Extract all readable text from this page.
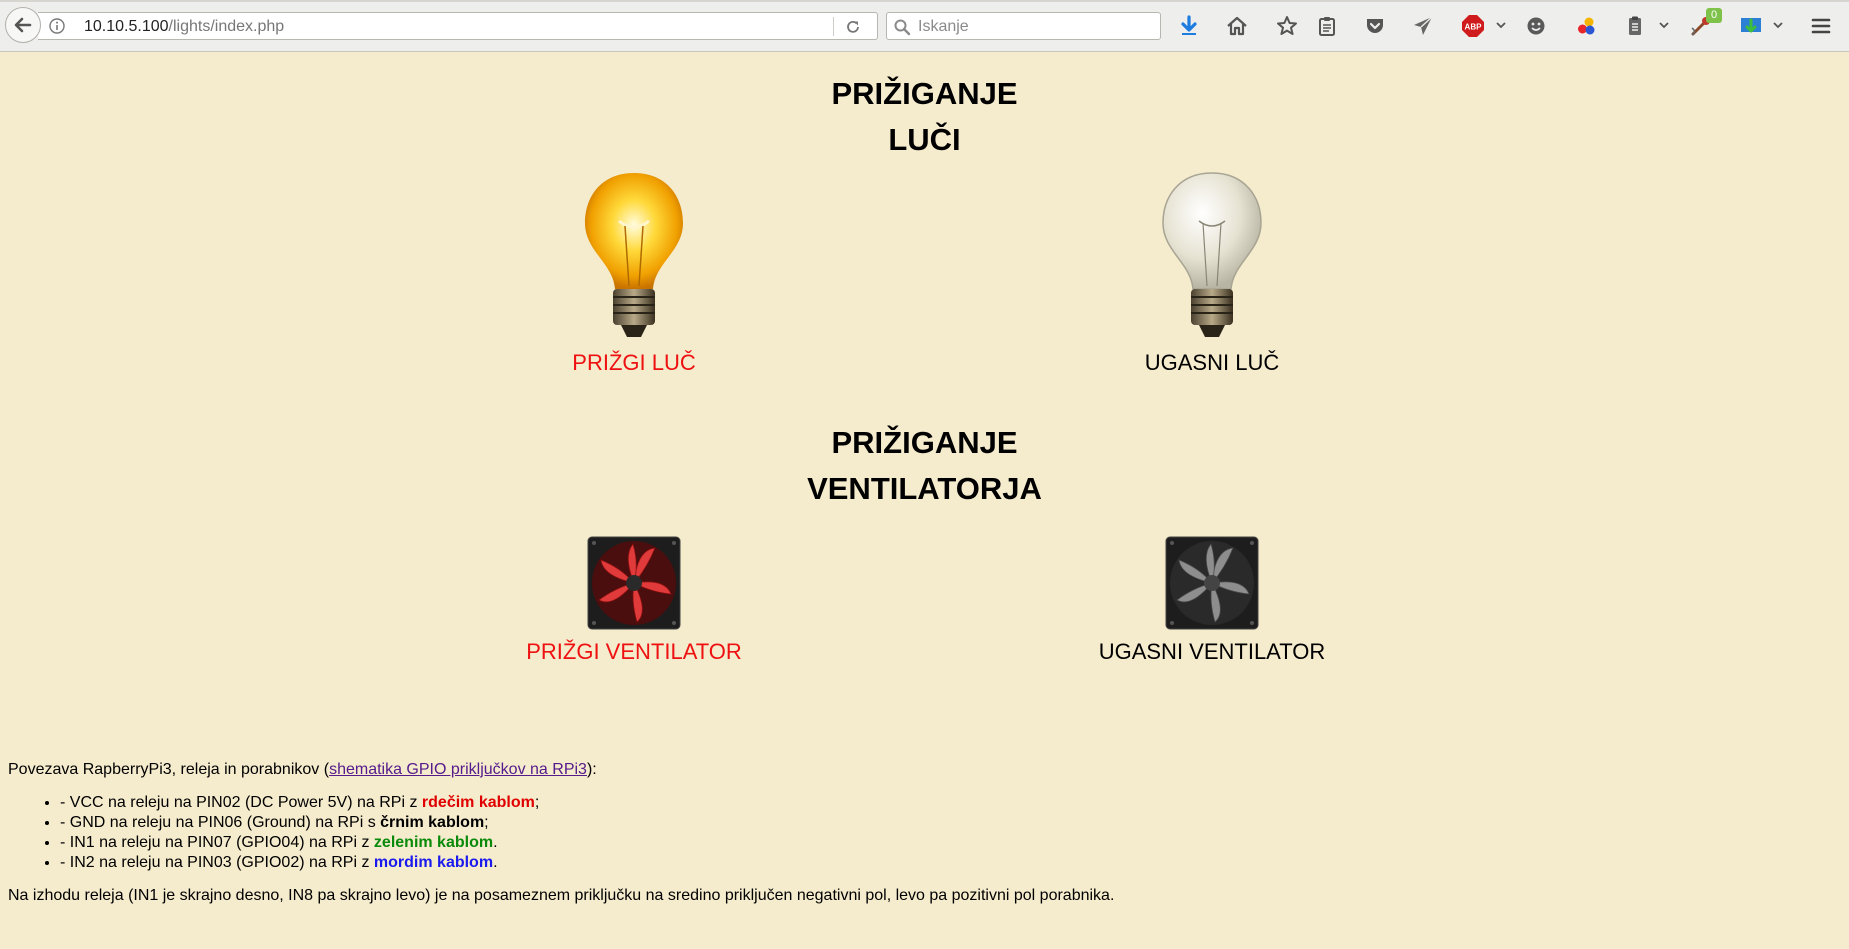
10.10.5.100/lights/index.php	Iskanje	ABP
0
PRIŽIGANJE
LUČI
PRIŽGI LUČ	UGASNI LUČ
PRIŽIGANJE
VENTILATORJA
PRIŽGI VENTILATOR	UGASNI VENTILATOR

Povezava RapberryPi3, releja in porabnikov (shematika GPIO priključkov na RPi3):

• - VCC na releju na PIN02 (DC Power 5V) na RPi z rdečim kablom;
• - GND na releju na PIN06 (Ground) na RPi s črnim kablom;
• - IN1 na releju na PIN07 (GPIO04) na RPi z zelenim kablom.
• - IN2 na releju na PIN03 (GPIO02) na RPi z mordim kablom.

Na izhodu releja (IN1 je skrajno desno, IN8 pa skrajno levo) je na posameznem priključku na sredino priključen negativni pol, levo pa pozitivni pol porabnika.
